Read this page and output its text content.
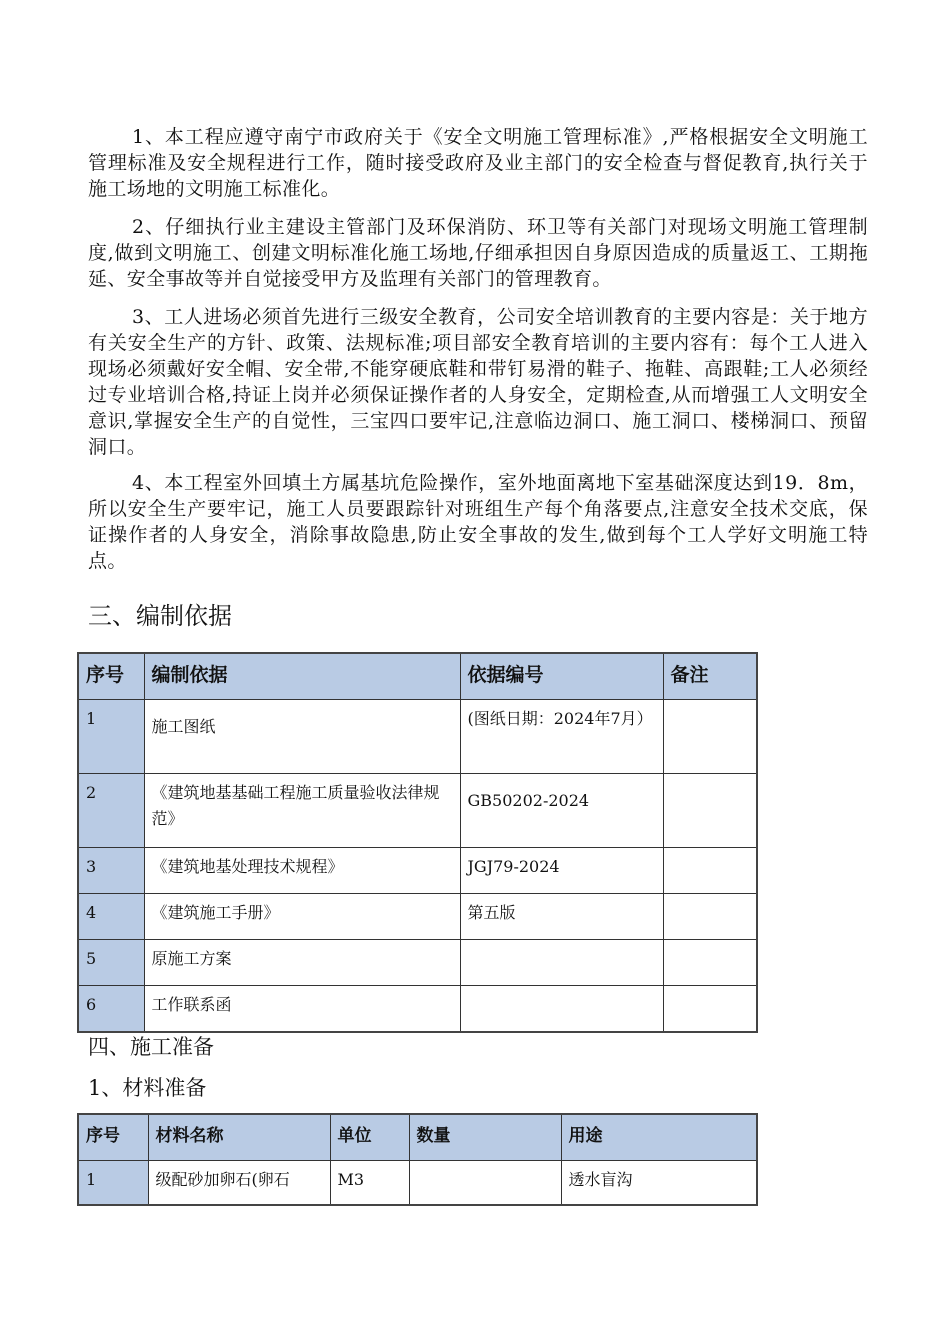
1、本工程应遵守南宁市政府关于《安全文明施工管理标准》,严格根据安全文明施工管理标准及安全规程进行工作，随时接受政府及业主部门的安全检查与督促教育,执行关于施工场地的文明施工标准化。

2、仔细执行业主建设主管部门及环保消防、环卫等有关部门对现场文明施工管理制度,做到文明施工、创建文明标准化施工场地,仔细承担因自身原因造成的质量返工、工期拖延、安全事故等并自觉接受甲方及监理有关部门的管理教育。

3、工人进场必须首先进行三级安全教育，公司安全培训教育的主要内容是：关于地方有关安全生产的方针、政策、法规标准;项目部安全教育培训的主要内容有：每个工人进入现场必须戴好安全帽、安全带,不能穿硬底鞋和带钉易滑的鞋子、拖鞋、高跟鞋;工人必须经过专业培训合格,持证上岗并必须保证操作者的人身安全，定期检查,从而增强工人文明安全意识,掌握安全生产的自觉性，三宝四口要牢记,注意临边洞口、施工洞口、楼梯洞口、预留洞口。

4、本工程室外回填土方属基坑危险操作，室外地面离地下室基础深度达到19．8m，所以安全生产要牢记，施工人员要跟踪针对班组生产每个角落要点,注意安全技术交底，保证操作者的人身安全，消除事故隐患,防止安全事故的发生,做到每个工人学好文明施工特点。

三、编制依据
序号	编制依据	依据编号	备注
1	施工图纸	(图纸日期：2024年7月）	
2	《建筑地基基础工程施工质量验收法律规范》	GB50202-2024	
3	《建筑地基处理技术规程》	JGJ79-2024	
4	《建筑施工手册》	第五版	
5	原施工方案		
6	工作联系函		
四、施工准备
1、材料准备
序号	材料名称	单位	数量	用途
1	级配砂加卵石(卵石	M3		透水盲沟
